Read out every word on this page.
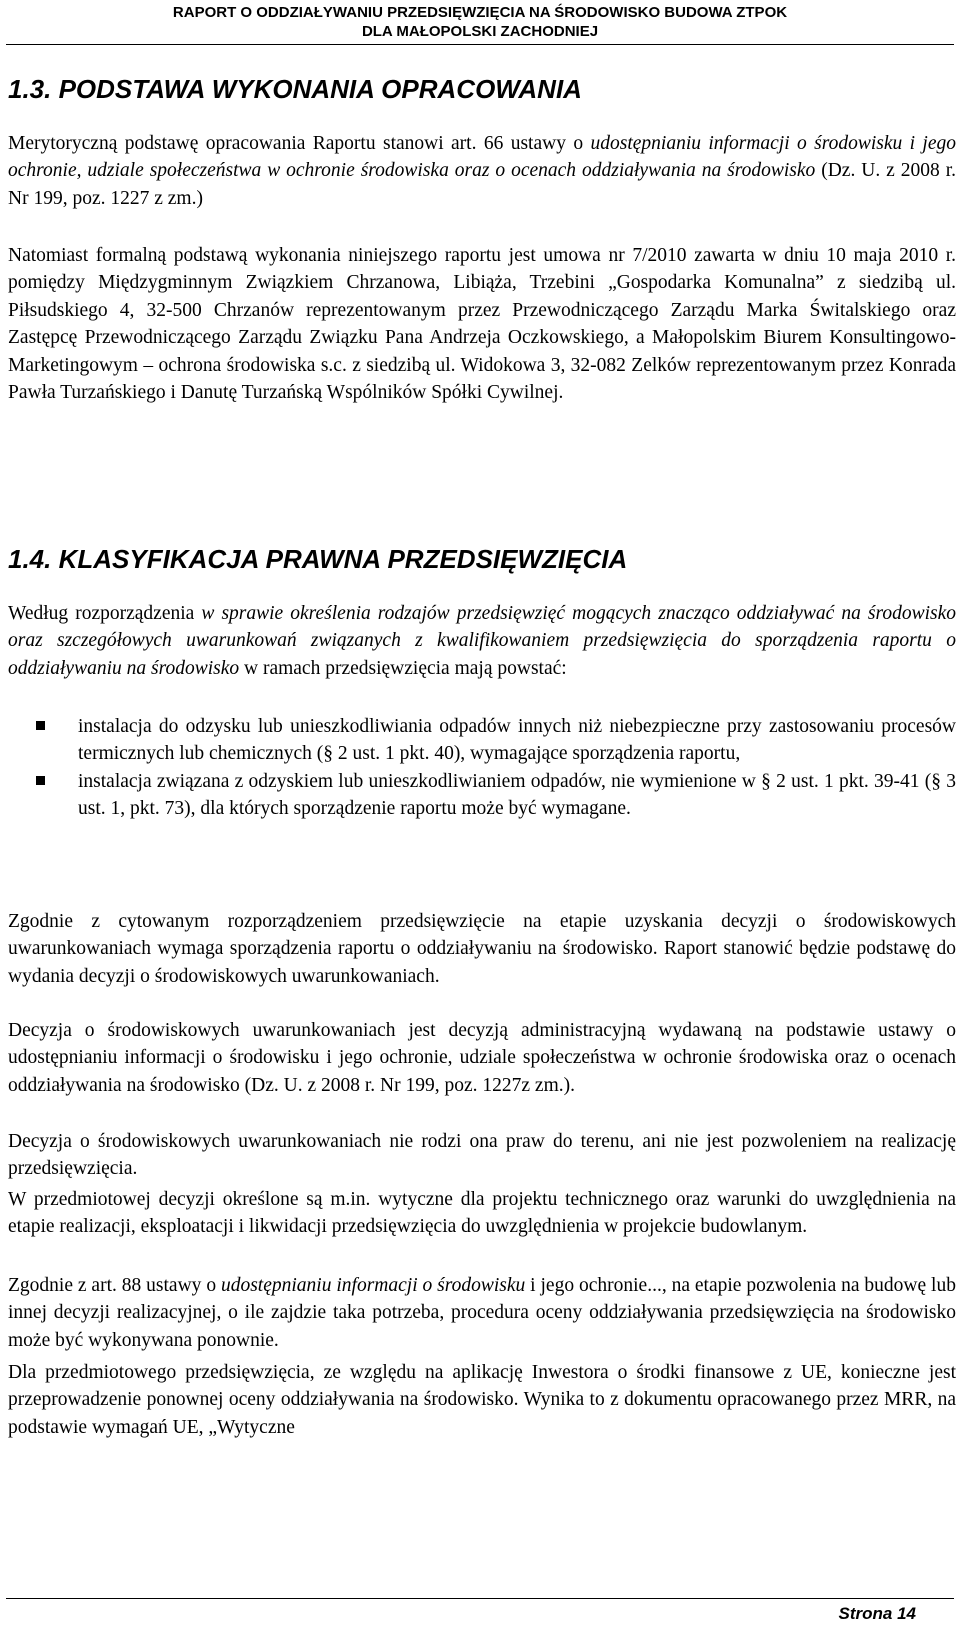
RAPORT O ODDZIAŁYWANIU PRZEDSIĘWZIĘCIA NA ŚRODOWISKO BUDOWA ZTPOK
DLA MAŁOPOLSKI ZACHODNIEJ
1.3. PODSTAWA WYKONANIA OPRACOWANIA
Merytoryczną podstawę opracowania Raportu stanowi art. 66 ustawy o udostępnianiu informacji o środowisku i jego ochronie, udziale społeczeństwa w ochronie środowiska oraz o ocenach oddziaływania na środowisko (Dz. U. z 2008 r. Nr 199, poz. 1227 z zm.)
Natomiast formalną podstawą wykonania niniejszego raportu jest umowa nr 7/2010 zawarta w dniu 10 maja 2010 r. pomiędzy Międzygminnym Związkiem Chrzanowa, Libiąża, Trzebini „Gospodarka Komunalna” z siedzibą ul. Piłsudskiego 4, 32-500 Chrzanów reprezentowanym przez Przewodniczącego Zarządu Marka Świtalskiego oraz Zastępcę Przewodniczącego Zarządu Związku Pana Andrzeja Oczkowskiego, a Małopolskim Biurem Konsultingowo-Marketingowym – ochrona środowiska s.c. z siedzibą ul. Widokowa 3, 32-082 Zelków reprezentowanym przez Konrada Pawła Turzańskiego i Danutę Turzańską Wspólników Spółki Cywilnej.
1.4. KLASYFIKACJA PRAWNA PRZEDSIĘWZIĘCIA
Według rozporządzenia w sprawie określenia rodzajów przedsięwzięć mogących znacząco oddziaływać na środowisko oraz szczegółowych uwarunkowań związanych z kwalifikowaniem przedsięwzięcia do sporządzenia raportu o oddziaływaniu na środowisko w ramach przedsięwzięcia mają powstać:
instalacja do odzysku lub unieszkodliwiania odpadów innych niż niebezpieczne przy zastosowaniu procesów termicznych lub chemicznych (§ 2 ust. 1 pkt. 40), wymagające sporządzenia raportu,
instalacja związana z odzyskiem lub unieszkodliwianiem odpadów, nie wymienione w § 2 ust. 1 pkt. 39-41 (§ 3 ust. 1, pkt. 73), dla których sporządzenie raportu może być wymagane.
Zgodnie z cytowanym rozporządzeniem przedsięwzięcie na etapie uzyskania decyzji o środowiskowych uwarunkowaniach wymaga sporządzenia raportu o oddziaływaniu na środowisko. Raport stanowić będzie podstawę do wydania decyzji o środowiskowych uwarunkowaniach.
Decyzja o środowiskowych uwarunkowaniach jest decyzją administracyjną wydawaną na podstawie ustawy o udostępnianiu informacji o środowisku i jego ochronie, udziale społeczeństwa w ochronie środowiska oraz o ocenach oddziaływania na środowisko (Dz. U. z 2008 r. Nr 199, poz. 1227z zm.).
Decyzja o środowiskowych uwarunkowaniach nie rodzi ona praw do terenu, ani nie jest pozwoleniem na realizację przedsięwzięcia.
W przedmiotowej decyzji określone są m.in. wytyczne dla projektu technicznego oraz warunki do uwzględnienia na etapie realizacji, eksploatacji i likwidacji przedsięwzięcia do uwzględnienia w projekcie budowlanym.
Zgodnie z art. 88 ustawy o udostępnianiu informacji o środowisku i jego ochronie..., na etapie pozwolenia na budowę lub innej decyzji realizacyjnej, o ile zajdzie taka potrzeba, procedura oceny oddziaływania przedsięwzięcia na środowisko może być wykonywana ponownie.
Dla przedmiotowego przedsięwzięcia, ze względu na aplikację Inwestora o środki finansowe z UE, konieczne jest przeprowadzenie ponownej oceny oddziaływania na środowisko. Wynika to z dokumentu opracowanego przez MRR, na podstawie wymagań UE, „Wytyczne
Strona 14
